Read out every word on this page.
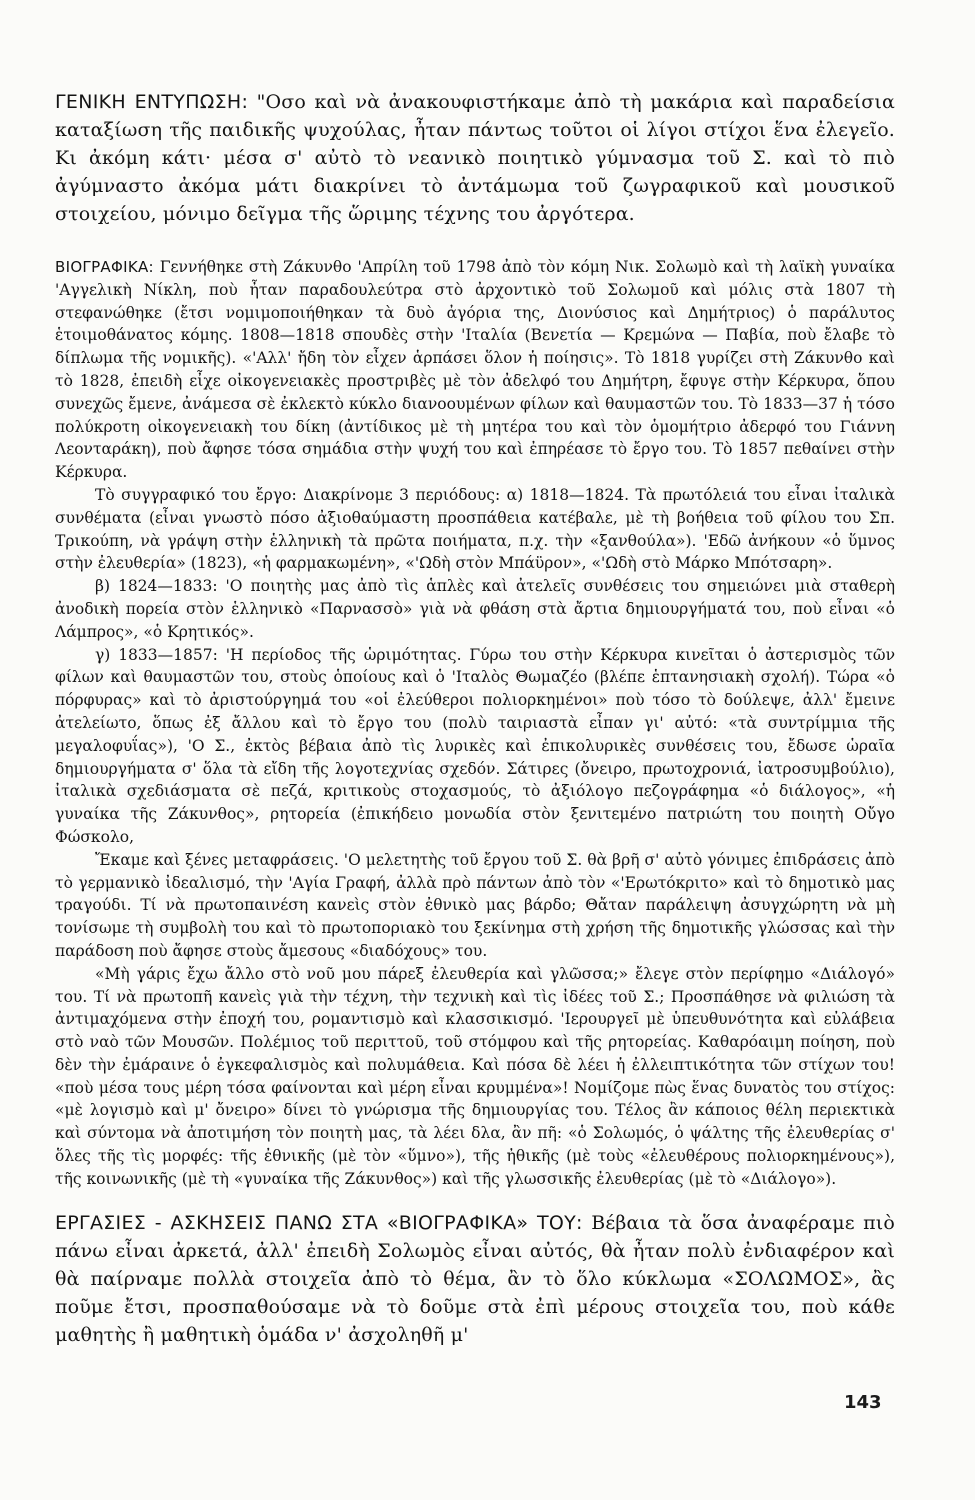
ΓΕΝΙΚΗ ΕΝΤΥΠΩΣΗ: "Οσο καὶ νὰ ἀνακουφιστήκαμε ἀπὸ τὴ μακάρια καὶ παραδείσια καταξίωση τῆς παιδικῆς ψυχούλας, ἦταν πάντως τοῦτοι οἱ λίγοι στίχοι ἕνα ἐλεγεῖο. Κι ἀκόμη κάτι· μέσα σ' αὐτὸ τὸ νεανικὸ ποιητικὸ γύμνασμα τοῦ Σ. καὶ τὸ πιὸ ἀγύμναστο ἀκόμα μάτι διακρίνει τὸ ἀντάμωμα τοῦ ζωγραφικοῦ καὶ μουσικοῦ στοιχείου, μόνιμο δεῖγμα τῆς ὥριμης τέχνης του ἀργότερα.

ΒΙΟΓΡΑΦΙΚΑ: Γεννήθηκε στὴ Ζάκυνθο 'Απρίλη τοῦ 1798 ἀπὸ τὸν κόμη Νικ. Σολωμὸ καὶ τὴ λαϊκὴ γυναίκα 'Αγγελικὴ Νίκλη, ποὺ ἦταν παραδουλεύτρα στὸ ἀρχοντικὸ τοῦ Σολωμοῦ καὶ μόλις στὰ 1807 τὴ στεφανώθηκε (ἔτσι νομιμοποιήθηκαν τὰ δυὸ ἀγόρια της, Διονύσιος καὶ Δημήτριος) ὁ παράλυτος ἑτοιμοθάνατος κόμης. 1808—1818 σπουδὲς στὴν 'Ιταλία (Βενετία — Κρεμώνα — Παβία, ποὺ ἔλαβε τὸ δίπλωμα τῆς νομικῆς). «'Αλλ' ἤδη τὸν εἶχεν ἁρπάσει ὅλον ἡ ποίησις». Τὸ 1818 γυρίζει στὴ Ζάκυνθο καὶ τὸ 1828, ἐπειδὴ εἶχε οἰκογενειακὲς προστριβὲς μὲ τὸν ἀδελφό του Δημήτρη, ἔφυγε στὴν Κέρκυρα, ὅπου συνεχῶς ἔμενε, ἀνάμεσα σὲ ἐκλεκτὸ κύκλο διανοουμένων φίλων καὶ θαυμαστῶν του. Τὸ 1833—37 ἡ τόσο πολύκροτη οἰκογενειακὴ του δίκη (ἀντίδικος μὲ τὴ μητέρα του καὶ τὸν ὁμομήτριο ἀδερφό του Γιάννη Λεονταράκη), ποὺ ἄφησε τόσα σημάδια στὴν ψυχή του καὶ ἐπηρέασε τὸ ἔργο του. Τὸ 1857 πεθαίνει στὴν Κέρκυρα.

Τὸ συγγραφικό του ἔργο: Διακρίνομε 3 περιόδους: α) 1818—1824. Τὰ πρωτόλειά του εἶναι ἰταλικὰ συνθέματα (εἶναι γνωστὸ πόσο ἀξιοθαύμαστη προσπάθεια κατέβαλε, μὲ τὴ βοήθεια τοῦ φίλου του Σπ. Τρικούπη, νὰ γράψη στὴν ἑλληνικὴ τὰ πρῶτα ποιήματα, π.χ. τὴν «ξανθούλα»). 'Εδῶ ἀνήκουν «ὁ ὕμνος στὴν ἐλευθερία» (1823), «ἡ φαρμακωμένη», «'Ωδὴ στὸν Μπάϋρον», «'Ωδὴ στὸ Μάρκο Μπότσαρη».

β) 1824—1833: 'Ο ποιητὴς μας ἀπὸ τὶς ἁπλὲς καὶ ἀτελεῖς συνθέσεις του σημειώνει μιὰ σταθερὴ ἀνοδικὴ πορεία στὸν ἑλληνικὸ «Παρνασσὸ» γιὰ νὰ φθάση στὰ ἄρτια δημιουργήματά του, ποὺ εἶναι «ὁ Λάμπρος», «ὁ Κρητικός».

γ) 1833—1857: 'Η περίοδος τῆς ὡριμότητας. Γύρω του στὴν Κέρκυρα κινεῖται ὁ ἀστερισμὸς τῶν φίλων καὶ θαυμαστῶν του, στοὺς ὁποίους καὶ ὁ 'Ιταλὸς Θωμαζέο (βλέπε ἑπτανησιακὴ σχολή). Τώρα «ὁ πόρφυρας» καὶ τὸ ἀριστούργημά του «οἱ ἐλεύθεροι πολιορκημένοι» ποὺ τόσο τὸ δούλεψε, ἀλλ' ἔμεινε ἀτελείωτο, ὅπως ἐξ ἄλλου καὶ τὸ ἔργο του (πολὺ ταιριαστὰ εἶπαν γι' αὐτό: «τὰ συντρίμμια τῆς μεγαλοφυΐας»), 'Ο Σ., ἐκτὸς βέβαια ἀπὸ τὶς λυρικὲς καὶ ἐπικολυρικὲς συνθέσεις του, ἔδωσε ὡραῖα δημιουργήματα σ' ὅλα τὰ εἴδη τῆς λογοτεχνίας σχεδόν. Σάτιρες (ὄνειρο, πρωτοχρονιά, ἰατροσυμβούλιο), ἰταλικὰ σχεδιάσματα σὲ πεζά, κριτικοὺς στοχασμούς, τὸ ἀξιόλογο πεζογράφημα «ὁ διάλογος», «ἡ γυναίκα τῆς Ζάκυνθος», ρητορεία (ἐπικήδειο μονωδία στὸν ξενιτεμένο πατριώτη του ποιητὴ Οὔγο Φώσκολο,

Ἔκαμε καὶ ξένες μεταφράσεις. 'Ο μελετητὴς τοῦ ἔργου τοῦ Σ. θὰ βρῆ σ' αὐτὸ γόνιμες ἐπιδράσεις ἀπὸ τὸ γερμανικὸ ἰδεαλισμό, τὴν 'Αγία Γραφή, ἀλλὰ πρὸ πάντων ἀπὸ τὸν «'Ερωτόκριτο» καὶ τὸ δημοτικὸ μας τραγούδι. Τί νὰ πρωτοπαινέση κανεὶς στὸν ἐθνικὸ μας βάρδο; Θἄταν παράλειψη ἀσυγχώρητη νὰ μὴ τονίσωμε τὴ συμβολὴ του καὶ τὸ πρωτοποριακὸ του ξεκίνημα στὴ χρήση τῆς δημοτικῆς γλώσσας καὶ τὴν παράδοση ποὺ ἄφησε στοὺς ἄμεσους «διαδόχους» του.

«Μὴ γάρις ἔχω ἄλλο στὸ νοῦ μου πάρεξ ἐλευθερία καὶ γλῶσσα;» ἔλεγε στὸν περίφημο «Διάλογό» του. Τί νὰ πρωτοπῆ κανεὶς γιὰ τὴν τέχνη, τὴν τεχνικὴ καὶ τὶς ἰδέες τοῦ Σ.; Προσπάθησε νὰ φιλιώση τὰ ἀντιμαχόμενα στὴν ἐποχή του, ρομαντισμὸ καὶ κλασσικισμό. 'Ιερουργεῖ μὲ ὑπευθυνότητα καὶ εὐλάβεια στὸ ναὸ τῶν Μουσῶν. Πολέμιος τοῦ περιττοῦ, τοῦ στόμφου καὶ τῆς ρητορείας. Καθαρόαιμη ποίηση, ποὺ δὲν τὴν ἐμάραινε ὁ ἐγκεφαλισμὸς καὶ πολυμάθεια. Καὶ πόσα δὲ λέει ἡ ἐλλειπτικότητα τῶν στίχων του! «ποὺ μέσα τους μέρη τόσα φαίνονται καὶ μέρη εἶναι κρυμμένα»! Νομίζομε πὼς ἕνας δυνατὸς του στίχος: «μὲ λογισμὸ καὶ μ' ὄνειρο» δίνει τὸ γνώρισμα τῆς δημιουργίας του. Τέλος ἂν κάποιος θέλη περιεκτικὰ καὶ σύντομα νὰ ἀποτιμήση τὸν ποιητὴ μας, τὰ λέει δλα, ἂν πῆ: «ὁ Σολωμός, ὁ ψάλτης τῆς ἐλευθερίας σ' ὅλες τῆς τὶς μορφές: τῆς ἐθνικῆς (μὲ τὸν «ὕμνο»), τῆς ἠθικῆς (μὲ τοὺς «ἐλευθέρους πολιορκημένους»), τῆς κοινωνικῆς (μὲ τὴ «γυναίκα τῆς Ζάκυνθος») καὶ τῆς γλωσσικῆς ἐλευθερίας (μὲ τὸ «Διάλογο»).

ΕΡΓΑΣΙΕΣ - ΑΣΚΗΣΕΙΣ ΠΑΝΩ ΣΤΑ «ΒΙΟΓΡΑΦΙΚΑ» ΤΟΥ: Βέβαια τὰ ὅσα ἀναφέραμε πιὸ πάνω εἶναι ἀρκετά, ἀλλ' ἐπειδὴ Σολωμὸς εἶναι αὐτός, θὰ ἦταν πολὺ ἐνδιαφέρον καὶ θὰ παίρναμε πολλὰ στοιχεῖα ἀπὸ τὸ θέμα, ἂν τὸ ὅλο κύκλωμα «ΣΟΛΩΜΟΣ», ἂς ποῦμε ἔτσι, προσπαθούσαμε νὰ τὸ δοῦμε στὰ ἐπὶ μέρους στοιχεῖα του, ποὺ κάθε μαθητὴς ἢ μαθητικὴ ὁμάδα ν' ἀσχοληθῆ μ'

143
